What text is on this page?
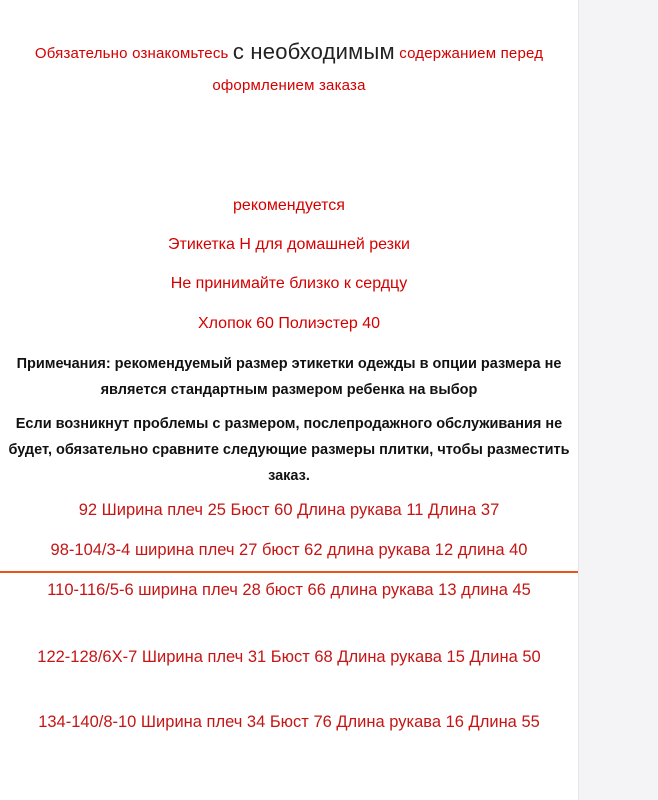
Обязательно ознакомьтесь с необходимым содержанием перед оформлением заказа
рекомендуется
Этикетка Н для домашней резки
Не принимайте близко к сердцу
Хлопок 60 Полиэстер 40
Примечания: рекомендуемый размер этикетки одежды в опции размера не является стандартным размером ребенка на выбор
Если возникнут проблемы с размером, послепродажного обслуживания не будет, обязательно сравните следующие размеры плитки, чтобы разместить заказ.
92 Ширина плеч 25 Бюст 60 Длина рукава 11 Длина 37
98-104/3-4 ширина плеч 27 бюст 62 длина рукава 12 длина 40
110-116/5-6 ширина плеч 28 бюст 66 длина рукава 13 длина 45
122-128/6X-7 Ширина плеч 31 Бюст 68 Длина рукава 15 Длина 50
134-140/8-10 Ширина плеч 34 Бюст 76 Длина рукава 16 Длина 55
